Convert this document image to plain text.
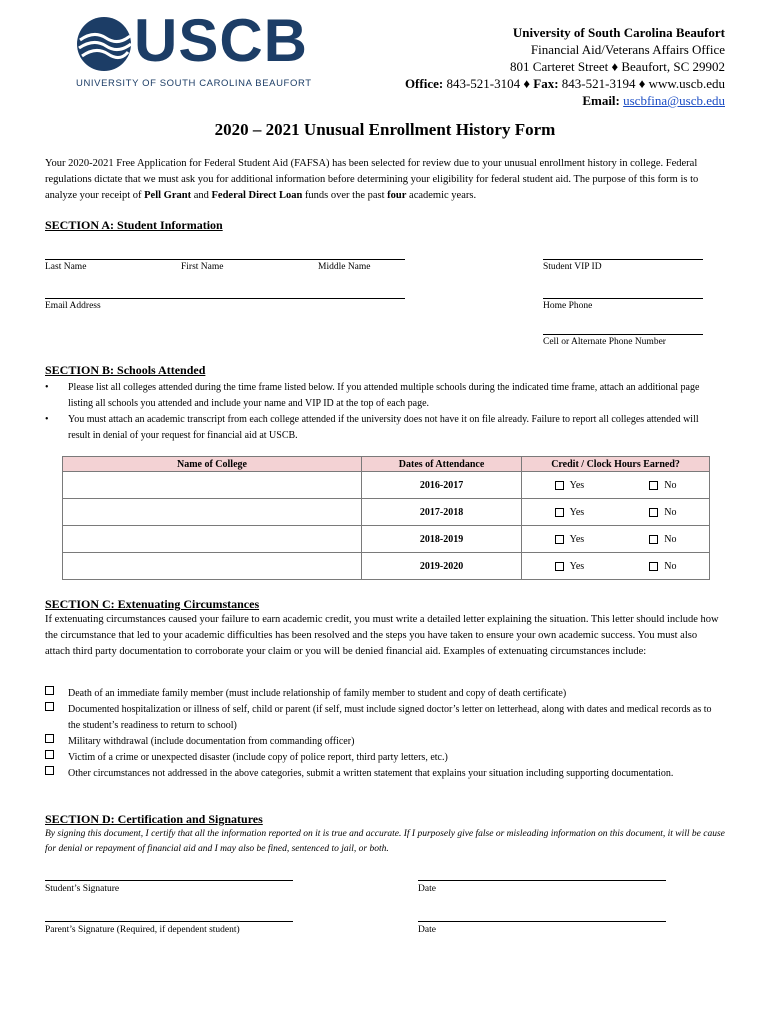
USCB
UNIVERSITY OF SOUTH CAROLINA BEAUFORT
University of South Carolina Beaufort
Financial Aid/Veterans Affairs Office
801 Carteret Street ♦ Beaufort, SC 29902
Office: 843-521-3104 ♦ Fax: 843-521-3194 ♦ www.uscb.edu
Email: uscbfina@uscb.edu
2020 – 2021 Unusual Enrollment History Form
Your 2020-2021 Free Application for Federal Student Aid (FAFSA) has been selected for review due to your unusual enrollment history in college. Federal regulations dictate that we must ask you for additional information before determining your eligibility for federal student aid. The purpose of this form is to analyze your receipt of Pell Grant and Federal Direct Loan funds over the past four academic years.
SECTION A: Student Information
Last Name	First Name	Middle Name	Student VIP ID
Email Address	Home Phone
Cell or Alternate Phone Number
SECTION B: Schools Attended
•	Please list all colleges attended during the time frame listed below. If you attended multiple schools during the indicated time frame, attach an additional page listing all schools you attended and include your name and VIP ID at the top of each page.
•	You must attach an academic transcript from each college attended if the university does not have it on file already. Failure to report all colleges attended will result in denial of your request for financial aid at USCB.
Name of College	Dates of Attendance	Credit / Clock Hours Earned?
	2016-2017	Yes No

	2017-2018	Yes No

	2018-2019	Yes No

	2019-2020	Yes No
SECTION C: Extenuating Circumstances
If extenuating circumstances caused your failure to earn academic credit, you must write a detailed letter explaining the situation. This letter should include how the circumstance that led to your academic difficulties has been resolved and the steps you have taken to ensure your own academic success. You must also attach third party documentation to corroborate your claim or you will be denied financial aid. Examples of extenuating circumstances include:
Death of an immediate family member (must include relationship of family member to student and copy of death certificate)
Documented hospitalization or illness of self, child or parent (if self, must include signed doctor’s letter on letterhead, along with dates and medical records as to the student’s readiness to return to school)
Military withdrawal (include documentation from commanding officer)
Victim of a crime or unexpected disaster (include copy of police report, third party letters, etc.)
Other circumstances not addressed in the above categories, submit a written statement that explains your situation including supporting documentation.
SECTION D: Certification and Signatures
By signing this document, I certify that all the information reported on it is true and accurate. If I purposely give false or misleading information on this document, it will be cause for denial or repayment of financial aid and I may also be fined, sentenced to jail, or both.
Student’s Signature	Date
Parent’s Signature (Required, if dependent student)	Date
